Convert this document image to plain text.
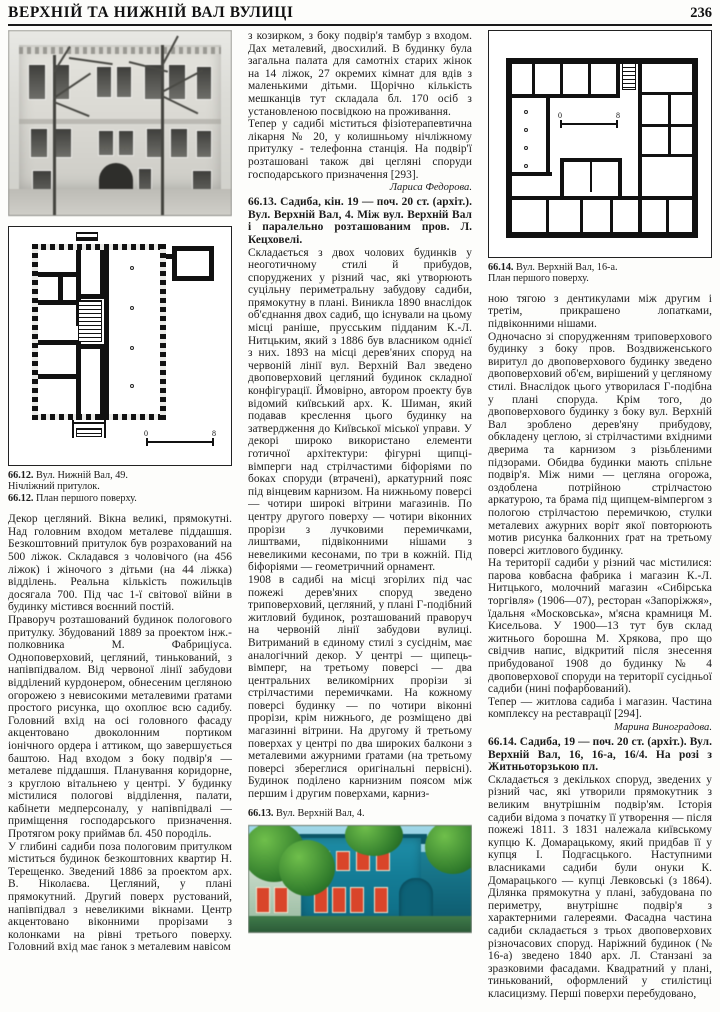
ВЕРХНІЙ ТА НИЖНІЙ ВАЛ ВУЛИЦІ	236
0	8
66.12. Вул. Нижній Вал, 49.
Нічліжний притулок.
66.12. План першого поверху.

Декор цегляний. Вікна великі, прямокутні. Над головним входом металеве піддашшя. Безкоштовний притулок був розрахований на 500 ліжок. Складався з чоловічого (на 456 ліжок) і жіночого з дітьми (на 44 ліжка) відділень. Реальна кількість пожильців досягала 700. Під час 1-ї світової війни в будинку містився воєнний постій.

Праворуч розташований будинок пологового притулку. Збудований 1889 за проектом інж.-полковника М. Фабриціуса. Одноповерховий, цегляний, тинькований, з напівпідвалом. Від червоної лінії забудови відділений курдонером, обнесеним цегляною огорожею з невисокими металевими ґратами простого рисунка, що охоплює всю садибу. Головний вхід на осі головного фасаду акцентовано двоколонним портиком іонічного ордера і аттиком, що завершується баштою. Над входом з боку подвір'я — металеве піддашшя. Планування коридорне, з круглою вітальнею у центрі. У будинку містилися пологові відділення, палати, кабінети медперсоналу, у напівпідвалі — приміщення господарського призначення. Протягом року приймав бл. 450 породіль.

У глибині садиби поза пологовим притулком міститься будинок безкоштовних квартир Н. Терещенко. Зведений 1886 за проектом арх. В. Ніколаєва. Цегляний, у плані прямокутний. Другий поверх рустований, напівпідвал з невеликими вікнами. Центр акцентовано віконними прорізами з колонками на рівні третього поверху. Головний вхід має ґанок з металевим навісом

з козирком, з боку подвір'я тамбур з входом. Дах металевий, двосхилий. В будинку була загальна палата для самотніх старих жінок на 14 ліжок, 27 окремих кімнат для вдів з маленькими дітьми. Щорічно кількість мешканців тут складала бл. 170 осіб з установленою посвідкою на проживання.

Тепер у садибі міститься фізіотерапевтична лікарня № 20, у колишньому нічліжному притулку - телефонна станція. На подвір'ї розташовані також дві цегляні споруди господарського призначення [293].

Лариса Федорова.

66.13. Садиба, кін. 19 — поч. 20 ст. (архіт.). Вул. Верхній Вал, 4. Між вул. Верхній Вал і паралельно розташованим пров. Л. Кецховелі.

Складається з двох чолових будинків у неоготичному стилі й прибудов, споруджених у різний час, які утворюють суцільну периметральну забудову садиби, прямокутну в плані. Виникла 1890 внаслідок об'єднання двох садиб, що існували на цьому місці раніше, прусським підданим К.-Л. Нитцьким, який з 1886 був власником однієї з них. 1893 на місці дерев'яних споруд на червоній лінії вул. Верхній Вал зведено двоповерховий цегляний будинок складної конфігурації. Ймовірно, автором проекту був відомий київський арх. К. Шиман, який подавав креслення цього будинку на затвердження до Київської міської управи. У декорі широко використано елементи готичної архітектури: фігурні щипці-вімперги над стрілчастими біфоріями по боках споруди (втрачені), аркатурний пояс під вінцевим карнизом. На нижньому поверсі — чотири широкі вітрини магазинів. По центру другого поверху — чотири віконних прорізи з лучковими перемичками, лиштвами, підвіконними нішами з невеликими кесонами, по три в кожній. Під біфоріями — геометричний орнамент.

1908 в садибі на місці згорілих під час пожежі дерев'яних споруд зведено триповерховий, цегляний, у плані Г-подібний житловий будинок, розташований праворуч на червоній лінії забудови вулиці. Витриманий в єдиному стилі з сусіднім, має аналогічний декор. У центрі — щипець-вімперг, на третьому поверсі — два центральних великомірних прорізи зі стрілчастими перемичками. На кожному поверсі будинку — по чотири віконні прорізи, крім нижнього, де розміщено дві магазинні вітрини. На другому й третьому поверхах у центрі по два широких балкони з металевими ажурними ґратами (на третьому поверсі збереглися оригінальні первісні). Будинок поділено карнизним поясом між першим і другим поверхами, карниз-

66.13. Вул. Верхній Вал, 4.
0	8
66.14. Вул. Верхній Вал, 16-а.
План першого поверху.

ною тягою з дентикулами між другим і третім, прикрашено лопатками, підвіконними нішами.

Одночасно зі спорудженням триповерхового будинку з боку пров. Воздвиженського виритул до двоповерхового будинку зведено двоповерховий об'єм, вирішений у цегляному стилі. Внаслідок цього утворилася Г-подібна у плані споруда. Крім того, до двоповерхового будинку з боку вул. Верхній Вал зроблено дерев'яну прибудову, обкладену цеглою, зі стрілчастими вхідними дверима та карнизом з різьбленими підзорами. Обидва будинки мають спільне подвір'я. Між ними — цегляна огорожа, оздоблена потрійною стрілчастою аркатурою, та брама під щипцем-вімпергом з пологою стрілчастою перемичкою, стулки металевих ажурних воріт якої повторюють мотив рисунка балконних ґрат на третьому поверсі житлового будинку.

На території садиби у різний час містилися: парова ковбасна фабрика і магазин К.-Л. Нитцького, молочний магазин «Сибірська торгівля» (1906—07), ресторан «Запоріжжя», їдальня «Московська», м'ясна крамниця М. Кисельова. У 1900—13 тут був склад житнього борошна М. Хрякова, про що свідчив напис, відкритий після знесення прибудованої 1908 до будинку № 4 двоповерхової споруди на території сусідньої садиби (нині пофарбований).

Тепер — житлова садиба і магазин. Частина комплексу на реставрації [294].

Марина Виноградова.

66.14. Садиба, 19 — поч. 20 ст. (архіт.). Вул. Верхній Вал, 16, 16-а, 16/4. На розі з Житньоторзькою пл.

Складається з декількох споруд, зведених у різний час, які утворили прямокутник з великим внутрішнім подвір'ям. Історія садиби відома з початку її утворення — після пожежі 1811. З 1831 належала київському купцю К. Домарацькому, який придбав її у купця І. Подгасцького. Наступними власниками садиби були онуки К. Домарацького — купці Левковські (з 1864). Ділянка прямокутна у плані, забудована по периметру, внутрішнє подвір'я з характерними галереями. Фасадна частина садиби складається з трьох двоповерхових різночасових споруд. Наріжний будинок (№ 16-а) зведено 1840 арх. Л. Станзані за зразковими фасадами. Квадратний у плані, тинькований, оформлений у стилістиці класицизму. Перші поверхи перебудовано,
